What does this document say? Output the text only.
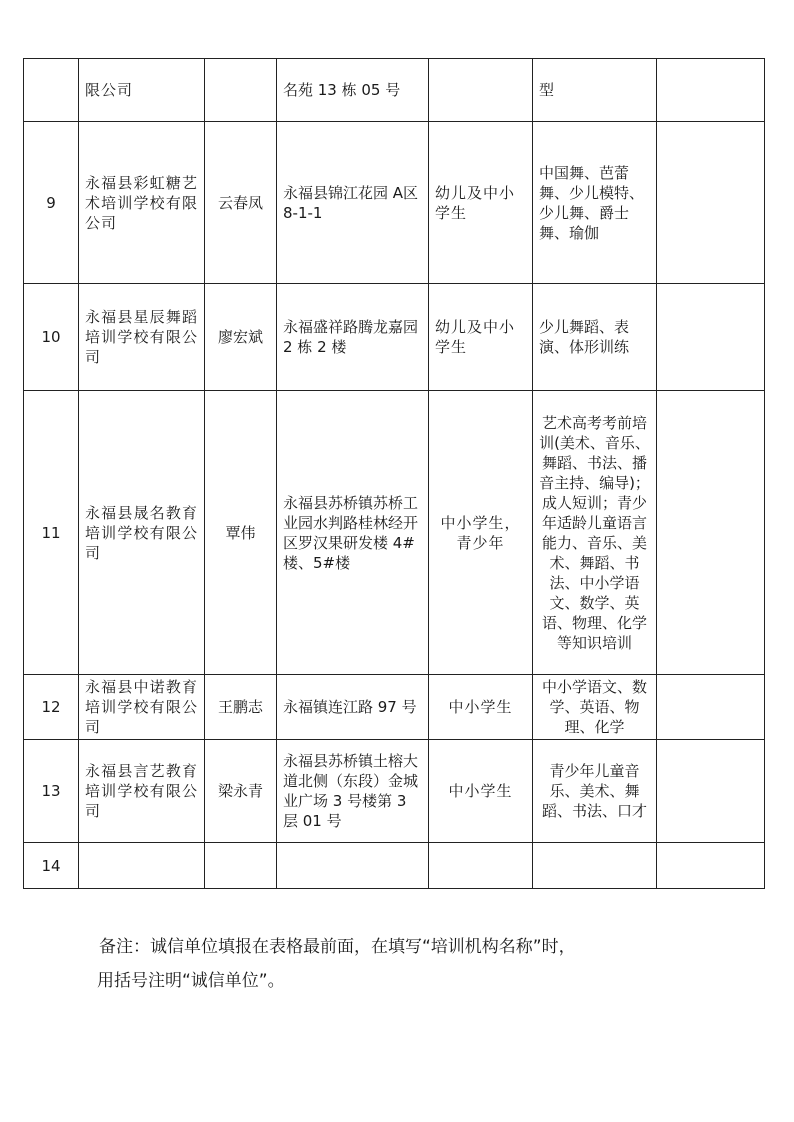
	限公司		名苑 13 栋 05 号		型	
9	永福县彩虹糖艺术培训学校有限公司	云春凤	永福县锦江花园 A区 8-1-1	幼儿及中小学生	中国舞、芭蕾舞、少儿模特、少儿舞、爵士舞、瑜伽	
10	永福县星辰舞蹈培训学校有限公司	廖宏斌	永福盛祥路腾龙嘉园 2 栋 2 楼	幼儿及中小学生	少儿舞蹈、表演、体形训练	
11	永福县晟名教育培训学校有限公司	覃伟	永福县苏桥镇苏桥工业园水判路桂林经开区罗汉果研发楼 4#楼、5#楼	中小学生，青少年	艺术高考考前培训(美术、音乐、舞蹈、书法、播音主持、编导)；成人短训；青少年适龄儿童语言能力、音乐、美术、舞蹈、书法、中小学语文、数学、英语、物理、化学等知识培训	
12	永福县中诺教育培训学校有限公司	王鹏志	永福镇连江路 97 号	中小学生	中小学语文、数学、英语、物理、化学	
13	永福县言艺教育培训学校有限公司	梁永青	永福县苏桥镇土榕大道北侧（东段）金城业广场 3 号楼第 3 层 01 号	中小学生	青少年儿童音乐、美术、舞蹈、书法、口才	
14						
备注：诚信单位填报在表格最前面，在填写“培训机构名称”时，
用括号注明“诚信单位”。
